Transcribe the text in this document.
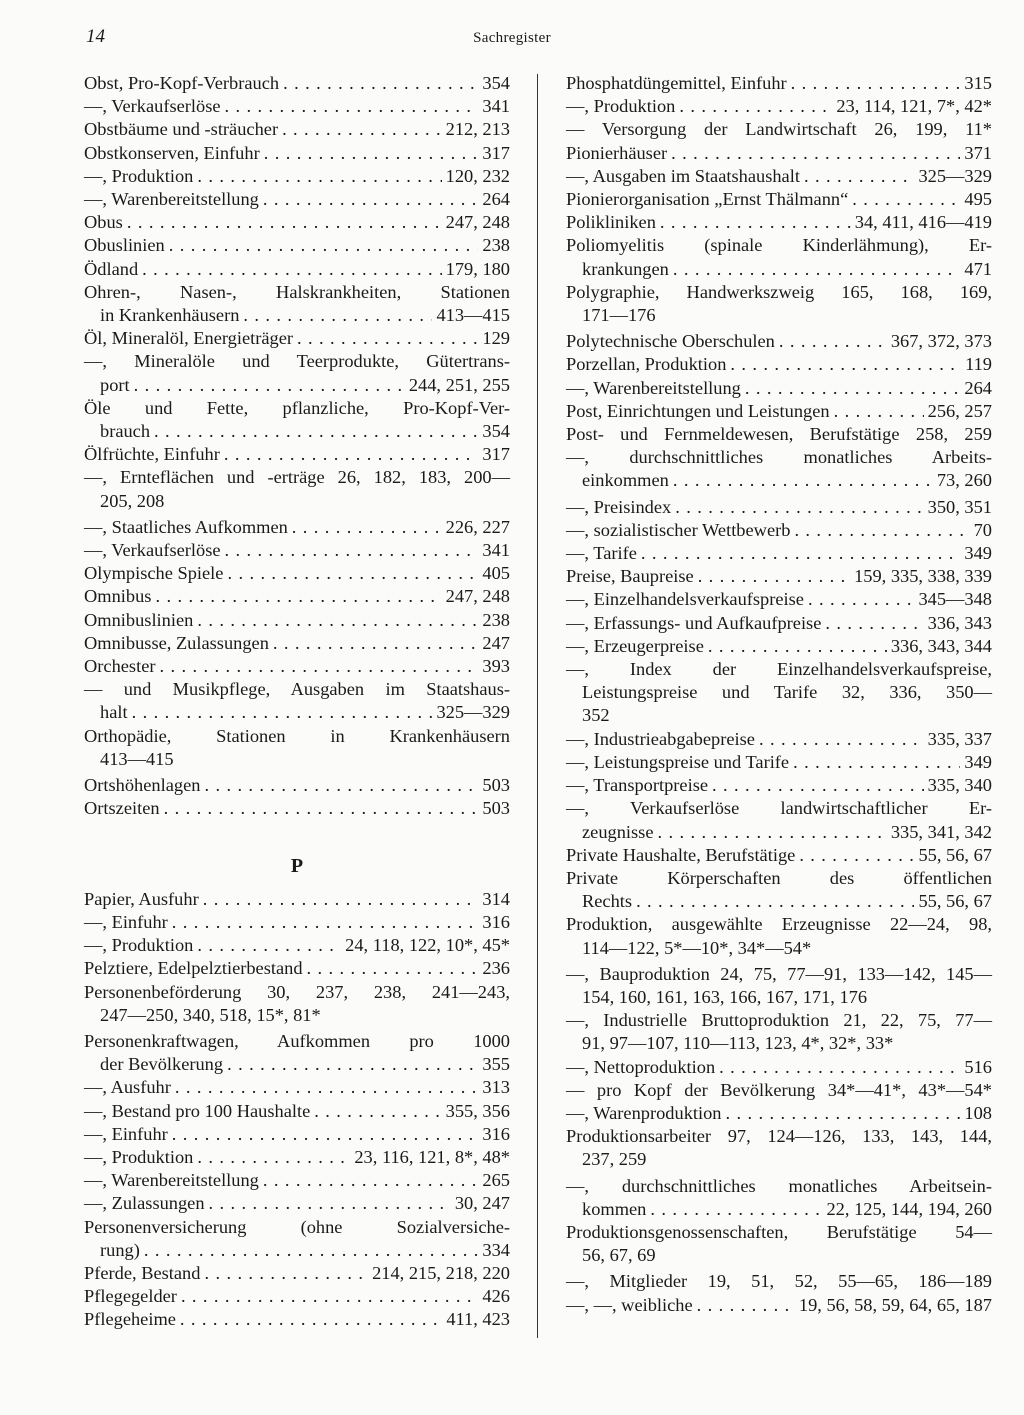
14	Sachregister
Obst, Pro-Kopf-Verbrauch . . .	354
—, Verkaufserlöse . . .	341
Obstbäume und -sträucher . . .	212, 213
Obstkonserven, Einfuhr . . .	317
—, Produktion . . .	120, 232
—, Warenbereitstellung . . .	264
Obus . . .	247, 248
Obuslinien . . .	238
Ödland . . .	179, 180
Ohren-, Nasen-, Halskrankheiten, Stationen
in Krankenhäusern . . .	413—415
Öl, Mineralöl, Energieträger . . .	129
—, Mineralöle und Teerprodukte, Gütertrans-
port . . .	244, 251, 255
Öle und Fette, pflanzliche, Pro-Kopf-Ver-
brauch . . .	354
Ölfrüchte, Einfuhr . . .	317
—, Ernteflächen und -erträge 26, 182, 183, 200—
205, 208
—, Staatliches Aufkommen . . .	226, 227
—, Verkaufserlöse . . .	341
Olympische Spiele . . .	405
Omnibus . . .	247, 248
Omnibuslinien . . .	238
Omnibusse, Zulassungen . . .	247
Orchester . . .	393
— und Musikpflege, Ausgaben im Staatshaus-
halt . . .	325—329
Orthopädie, Stationen in Krankenhäusern
413—415
Ortshöhenlagen . . .	503
Ortszeiten . . .	503
P
Papier, Ausfuhr . . .	314
—, Einfuhr . . .	316
—, Produktion . . .	24, 118, 122, 10*, 45*
Pelztiere, Edelpelztierbestand . . .	236
Personenbeförderung 30, 237, 238, 241—243,
247—250, 340, 518, 15*, 81*
Personenkraftwagen, Aufkommen pro 1000
der Bevölkerung . . .	355
—, Ausfuhr . . .	313
—, Bestand pro 100 Haushalte . . .	355, 356
—, Einfuhr . . .	316
—, Produktion . . .	23, 116, 121, 8*, 48*
—, Warenbereitstellung . . .	265
—, Zulassungen . . .	30, 247
Personenversicherung (ohne Sozialversiche-
rung) . . .	334
Pferde, Bestand . . .	214, 215, 218, 220
Pflegegelder . . .	426
Pflegeheime . . .	411, 423
Phosphatdüngemittel, Einfuhr . . .	315
—, Produktion . . .	23, 114, 121, 7*, 42*
— Versorgung der Landwirtschaft 26, 199, 11*
Pionierhäuser . . .	371
—, Ausgaben im Staatshaushalt . . .	325—329
Pionierorganisation „Ernst Thälmann“ . . .	495
Polikliniken . . .	34, 411, 416—419
Poliomyelitis (spinale Kinderlähmung), Er-
krankungen . . .	471
Polygraphie, Handwerkszweig 165, 168, 169,
171—176
Polytechnische Oberschulen . . .	367, 372, 373
Porzellan, Produktion . . .	119
—, Warenbereitstellung . . .	264
Post, Einrichtungen und Leistungen . . .	256, 257
Post- und Fernmeldewesen, Berufstätige 258, 259
—, durchschnittliches monatliches Arbeits-
einkommen . . .	73, 260
—, Preisindex . . .	350, 351
—, sozialistischer Wettbewerb . . .	70
—, Tarife . . .	349
Preise, Baupreise . . .	159, 335, 338, 339
—, Einzelhandelsverkaufspreise . . .	345—348
—, Erfassungs- und Aufkaufpreise . . .	336, 343
—, Erzeugerpreise . . .	336, 343, 344
—, Index der Einzelhandelsverkaufspreise,
Leistungspreise und Tarife 32, 336, 350—
352
—, Industrieabgabepreise . . .	335, 337
—, Leistungspreise und Tarife . . .	349
—, Transportpreise . . .	335, 340
—, Verkaufserlöse landwirtschaftlicher Er-
zeugnisse . . .	335, 341, 342
Private Haushalte, Berufstätige . . .	55, 56, 67
Private Körperschaften des öffentlichen
Rechts . . .	55, 56, 67
Produktion, ausgewählte Erzeugnisse 22—24, 98,
114—122, 5*—10*, 34*—54*
—, Bauproduktion 24, 75, 77—91, 133—142, 145—
154, 160, 161, 163, 166, 167, 171, 176
—, Industrielle Bruttoproduktion 21, 22, 75, 77—
91, 97—107, 110—113, 123, 4*, 32*, 33*
—, Nettoproduktion . . .	516
— pro Kopf der Bevölkerung 34*—41*, 43*—54*
—, Warenproduktion . . .	108
Produktionsarbeiter 97, 124—126, 133, 143, 144,
237, 259
—, durchschnittliches monatliches Arbeitsein-
kommen . . .	22, 125, 144, 194, 260
Produktionsgenossenschaften, Berufstätige 54—
56, 67, 69
—, Mitglieder 19, 51, 52, 55—65, 186—189
—, —, weibliche . . .	19, 56, 58, 59, 64, 65, 187
